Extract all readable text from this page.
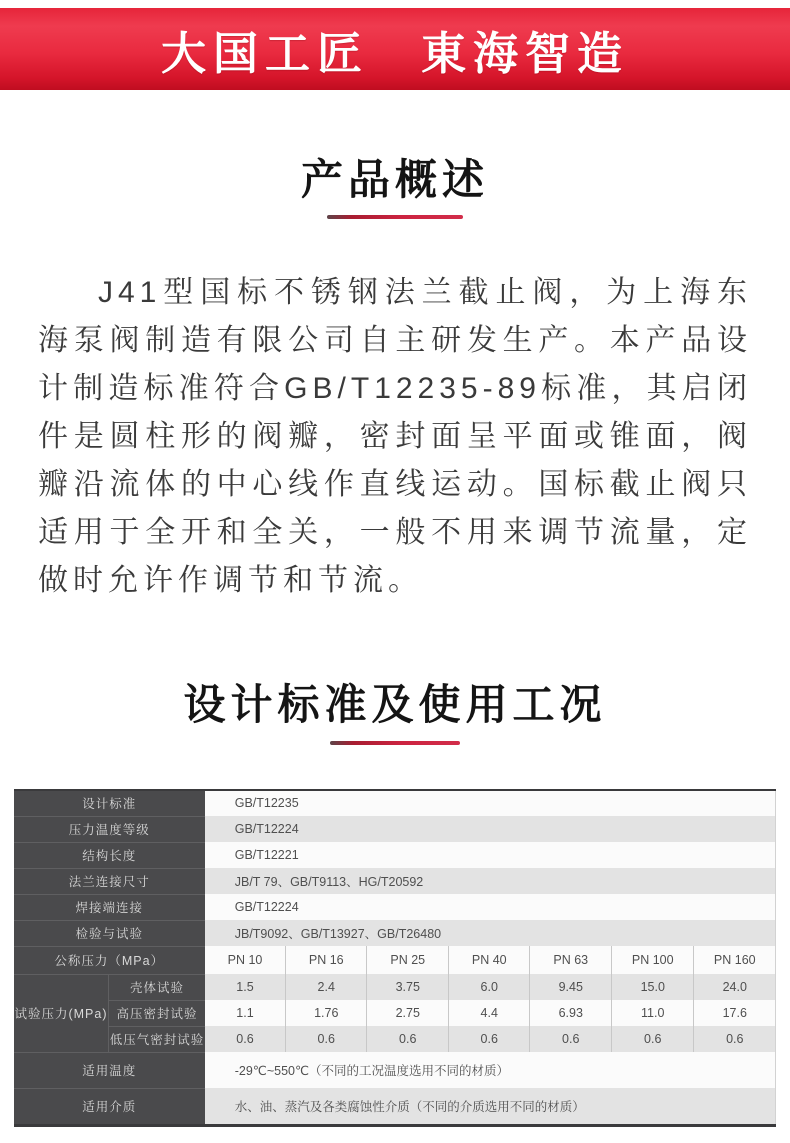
大国工匠　東海智造
产品概述
J41型国标不锈钢法兰截止阀，为上海东海泵阀制造有限公司自主研发生产。本产品设计制造标准符合GB/T12235-89标准，其启闭件是圆柱形的阀瓣，密封面呈平面或锥面，阀瓣沿流体的中心线作直线运动。国标截止阀只适用于全开和全关，一般不用来调节流量，定做时允许作调节和节流。
设计标准及使用工况
设计标准		GB/T12235						
压力温度等级		GB/T12224						
结构长度		GB/T12221						
法兰连接尺寸		JB/T 79、GB/T9113、HG/T20592						
焊接端连接		GB/T12224						
检验与试验		JB/T9092、GB/T13927、GB/T26480						
公称压力（MPa）		PN 10	PN 16	PN 25	PN 40	PN 63	PN 100	PN 160
试验压力(MPa)	壳体试验	1.5	2.4	3.75	6.0	9.45	15.0	24.0
	高压密封试验	1.1	1.76	2.75	4.4	6.93	11.0	17.6
	低压气密封试验	0.6	0.6	0.6	0.6	0.6	0.6	0.6
适用温度		-29℃~550℃（不同的工况温度选用不同的材质）						
适用介质		水、油、蒸汽及各类腐蚀性介质（不同的介质选用不同的材质）						
